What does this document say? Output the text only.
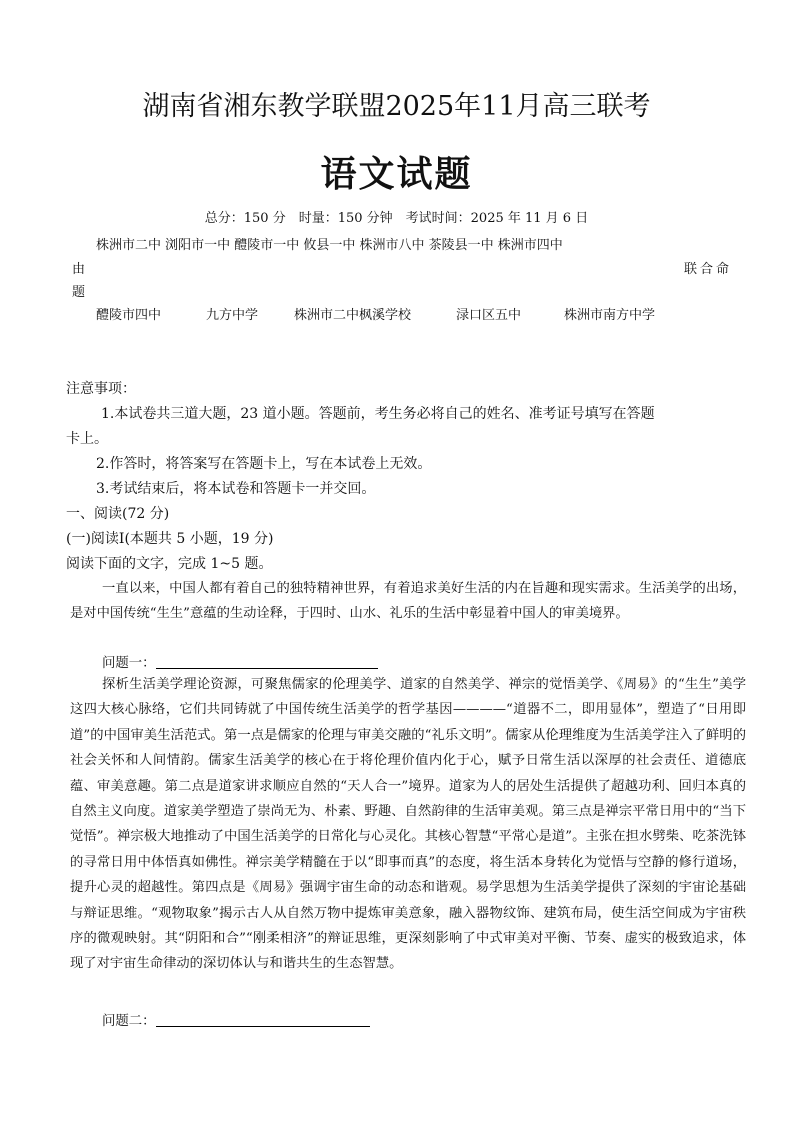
湖南省湘东教学联盟2025年11月高三联考
语文试题
总分：150 分　时量：150 分钟　考试时间：2025 年 11 月 6 日
株洲市二中 浏阳市一中 醴陵市一中 攸县一中 株洲市八中 茶陵县一中 株洲市四中
由	联合命
题
醴陵市四中	九方中学	株洲市二中枫溪学校	渌口区五中	株洲市南方中学
注意事项：
1.本试卷共三道大题，23 道小题。答题前，考生务必将自己的姓名、准考证号填写在答题
卡上。
2.作答时，将答案写在答题卡上，写在本试卷上无效。
3.考试结束后，将本试卷和答题卡一并交回。
一、阅读(72 分)
(一)阅读Ⅰ(本题共 5 小题，19 分)
阅读下面的文字，完成 1~5 题。
一直以来，中国人都有着自己的独特精神世界，有着追求美好生活的内在旨趣和现实需求。生活美学的出场，是对中国传统“生生”意蕴的生动诠释，于四时、山水、礼乐的生活中彰显着中国人的审美境界。
问题一：
探析生活美学理论资源，可聚焦儒家的伦理美学、道家的自然美学、禅宗的觉悟美学、《周易》的“生生”美学这四大核心脉络，它们共同铸就了中国传统生活美学的哲学基因————“道器不二，即用显体”，塑造了“日用即道”的中国审美生活范式。第一点是儒家的伦理与审美交融的“礼乐文明”。儒家从伦理维度为生活美学注入了鲜明的社会关怀和人间情韵。儒家生活美学的核心在于将伦理价值内化于心，赋予日常生活以深厚的社会责任、道德底蕴、审美意趣。第二点是道家讲求顺应自然的“天人合一”境界。道家为人的居处生活提供了超越功利、回归本真的自然主义向度。道家美学塑造了崇尚无为、朴素、野趣、自然韵律的生活审美观。第三点是禅宗平常日用中的“当下觉悟”。禅宗极大地推动了中国生活美学的日常化与心灵化。其核心智慧“平常心是道”。主张在担水劈柴、吃茶洗钵的寻常日用中体悟真如佛性。禅宗美学精髓在于以“即事而真”的态度，将生活本身转化为觉悟与空静的修行道场，提升心灵的超越性。第四点是《周易》强调宇宙生命的动态和谐观。易学思想为生活美学提供了深刻的宇宙论基础与辩证思维。“观物取象”揭示古人从自然万物中提炼审美意象，融入器物纹饰、建筑布局，使生活空间成为宇宙秩序的微观映射。其“阴阳和合”“刚柔相济”的辩证思维，更深刻影响了中式审美对平衡、节奏、虚实的极致追求，体现了对宇宙生命律动的深切体认与和谐共生的生态智慧。
问题二：
